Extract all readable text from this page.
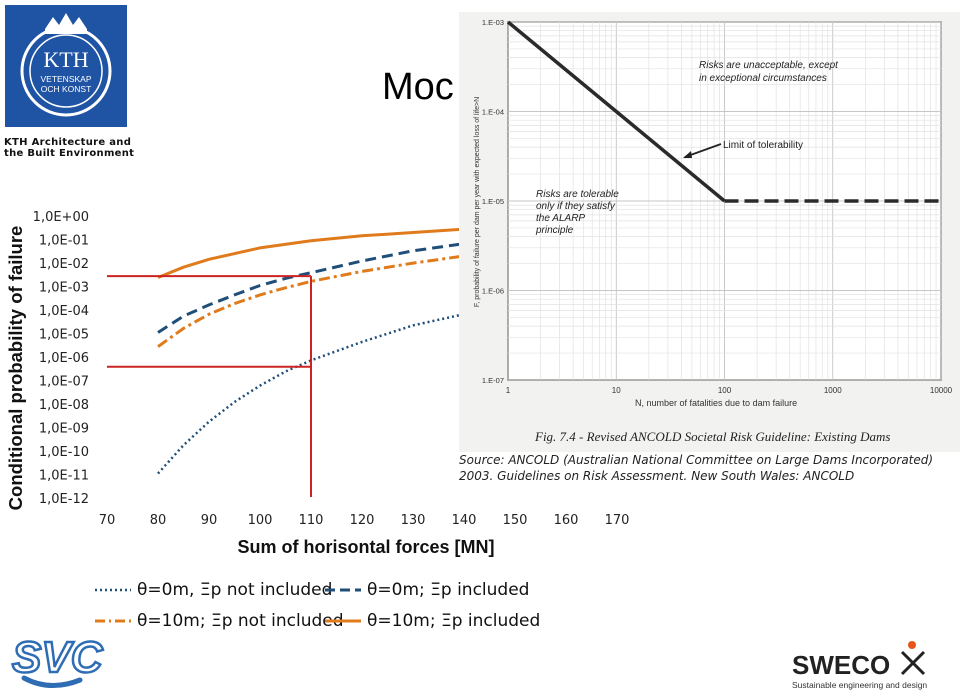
KTH
VETENSKAP
OCH KONST
KTH Architecture and
the Built Environment
Moc
Conditional probability of failure
Sum of horisontal forces [MN]
1,0E+00
1,0E-01
1,0E-02
1,0E-03
1,0E-04
1,0E-05
1,0E-06
1,0E-07
1,0E-08
1,0E-09
1,0E-10
1,0E-11
1,0E-12
70	80	90 100 110 120 130 140 150 160 170
θ=0m, Ξp not included θ=0m; Ξp included
θ=10m; Ξp not included θ=10m; Ξp included
1.E-03
1.E-04
1.E-05
1.E-06
1.E-07
1	10	100	1000	10000
F, probability of failure per dam per year with expected loss of life>N
N, number of fatalities due to dam failure
Fig. 7.4 - Revised ANCOLD Societal Risk Guideline: Existing Dams
Risks are unacceptable, except
in exceptional circumstances
Limit of tolerability
Risks are tolerable
only if they satisfy
the ALARP
principle
Source: ANCOLD (Australian National Committee on Large Dams Incorporated) 2003. Guidelines on Risk Assessment. New South Wales: ANCOLD
SVC	SWECO
Sustainable engineering and design
